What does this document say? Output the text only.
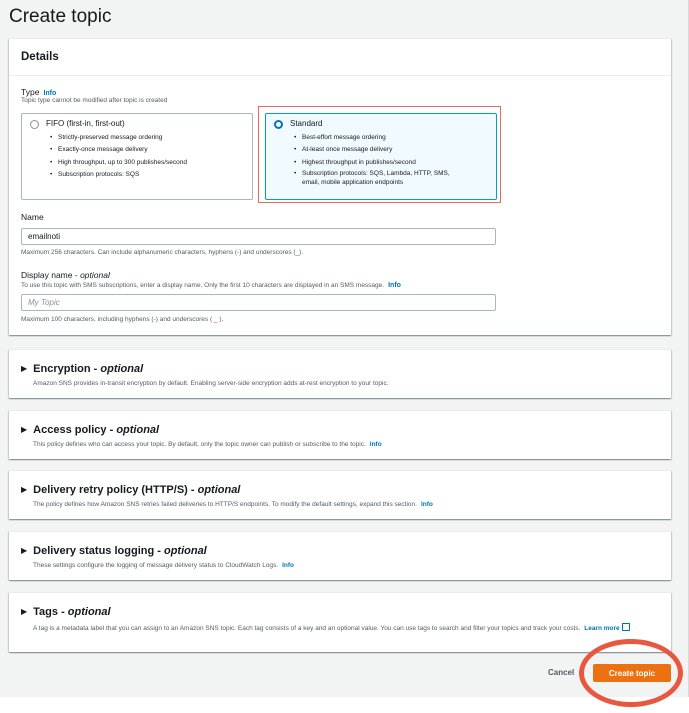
Create topic
Details
Type Info
Topic type cannot be modified after topic is created
FIFO (first-in, first-out)
• Strictly-preserved message ordering
• Exactly-once message delivery
• High throughput, up to 300 publishes/second
• Subscription protocols: SQS
Standard
• Best-effort message ordering
• At-least once message delivery
• Highest throughput in publishes/second
• Subscription protocols: SQS, Lambda, HTTP, SMS,
email, mobile application endpoints
Name
emailnoti
Maximum 256 characters. Can include alphanumeric characters, hyphens (-) and underscores (_).
Display name - optional
To use this topic with SMS subscriptions, enter a display name. Only the first 10 characters are displayed in an SMS message. Info
My Topic
Maximum 100 characters, including hyphens (-) and underscores ( _ ).
▶ Encryption - optional
Amazon SNS provides in-transit encryption by default. Enabling server-side encryption adds at-rest encryption to your topic.
▶ Access policy - optional
This policy defines who can access your topic. By default, only the topic owner can publish or subscribe to the topic. Info
▶ Delivery retry policy (HTTP/S) - optional
The policy defines how Amazon SNS retries failed deliveries to HTTP/S endpoints. To modify the default settings, expand this section. Info
▶ Delivery status logging - optional
These settings configure the logging of message delivery status to CloudWatch Logs. Info
▶ Tags - optional
A tag is a metadata label that you can assign to an Amazon SNS topic. Each tag consists of a key and an optional value. You can use tags to search and filter your topics and track your costs. Learn more
Cancel	Create topic
